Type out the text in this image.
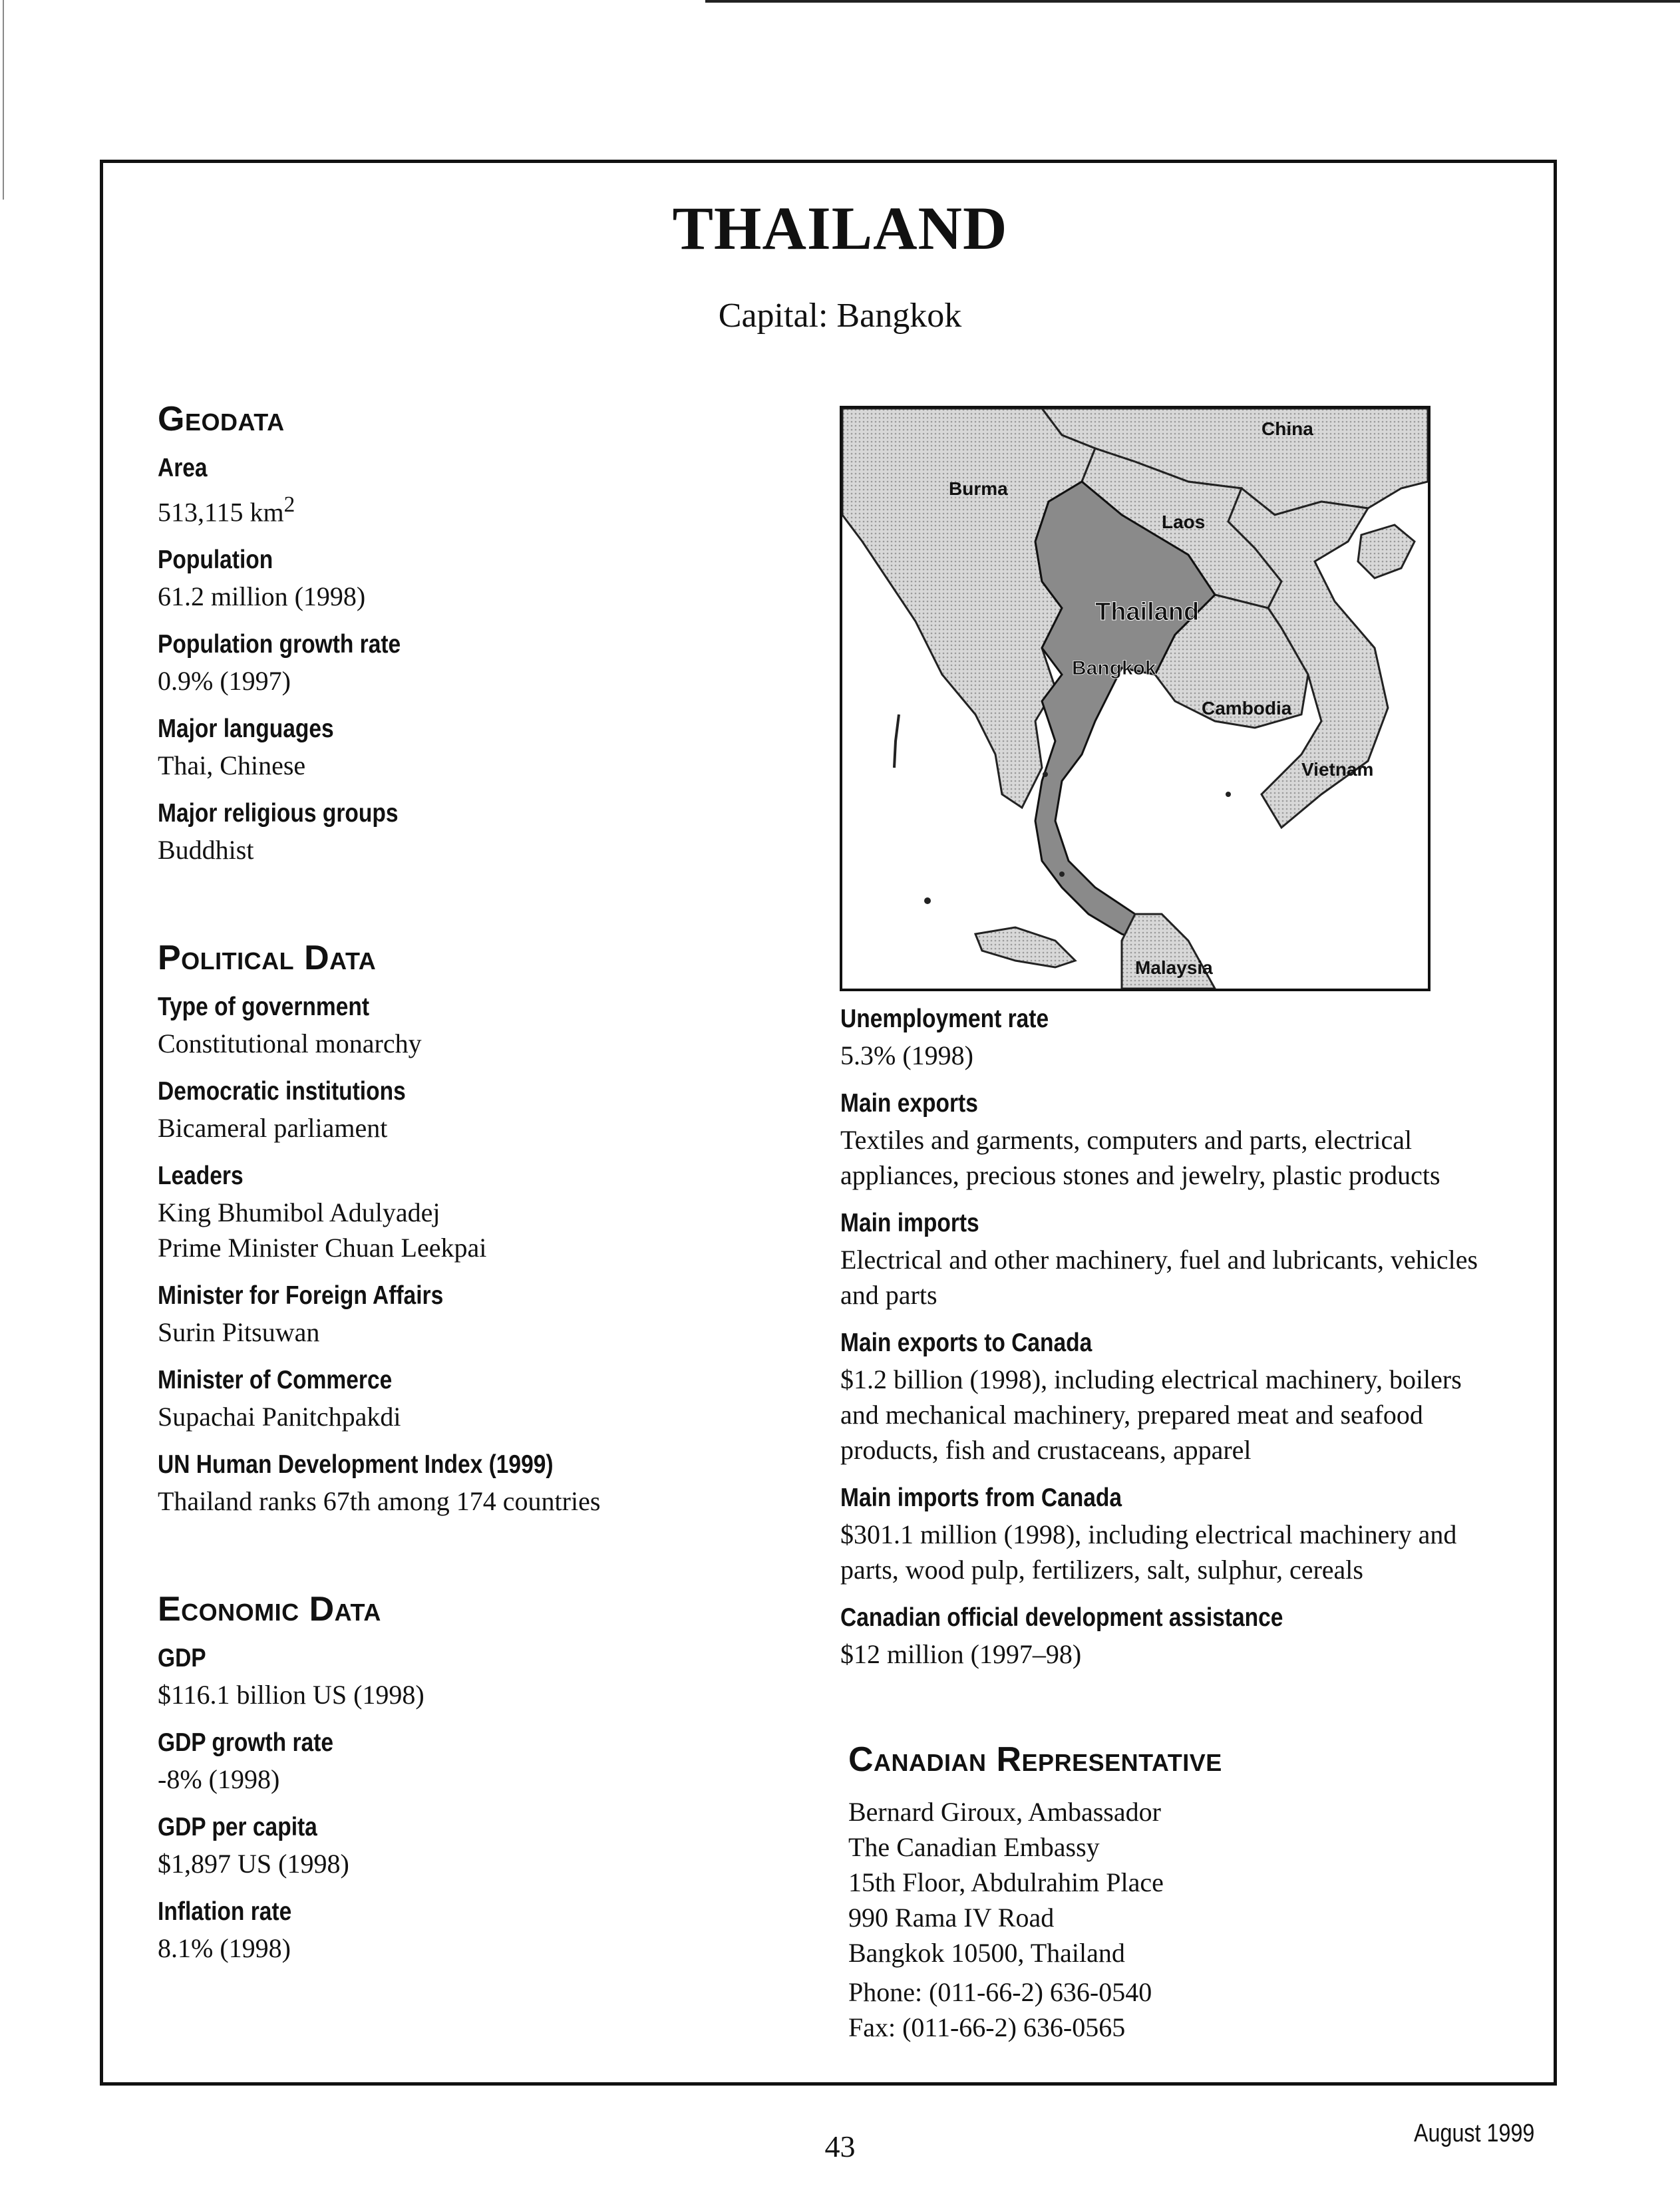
THAILAND
Capital: Bangkok
Geodata
Area
513,115 $km^2$
Population
61.2 million (1998)
Population growth rate
0.9% (1997)
Major languages
Thai, Chinese
Major religious groups
Buddhist
Political Data
Type of government
Constitutional monarchy
Democratic institutions
Bicameral parliament
Leaders
King Bhumibol Adulyadej
Prime Minister Chuan Leekpai
Minister for Foreign Affairs
Surin Pitsuwan
Minister of Commerce
Supachai Panitchpakdi
UN Human Development Index (1999)
Thailand ranks 67th among 174 countries
Economic Data
GDP
$116.1 billion US (1998)
GDP growth rate
-8% (1998)
GDP per capita
$1,897 US (1998)
Inflation rate
8.1% (1998)
China
Burma
Laos
Thailand
Bangkok
Cambodia
Vietnam
Malaysia
Unemployment rate
5.3% (1998)
Main exports
Textiles and garments, computers and parts, electrical appliances, precious stones and jewelry, plastic products
Main imports
Electrical and other machinery, fuel and lubricants, vehicles and parts
Main exports to Canada
$1.2 billion (1998), including electrical machinery, boilers and mechanical machinery, prepared meat and seafood products, fish and crustaceans, apparel
Main imports from Canada
$301.1 million (1998), including electrical machinery and parts, wood pulp, fertilizers, salt, sulphur, cereals
Canadian official development assistance
$12 million (1997–98)
Canadian Representative

Bernard Giroux, Ambassador

The Canadian Embassy

15th Floor, Abdulrahim Place

990 Rama IV Road

Bangkok 10500, Thailand

Phone: (011-66-2) 636-0540

Fax: (011-66-2) 636-0565

43	August 1999
